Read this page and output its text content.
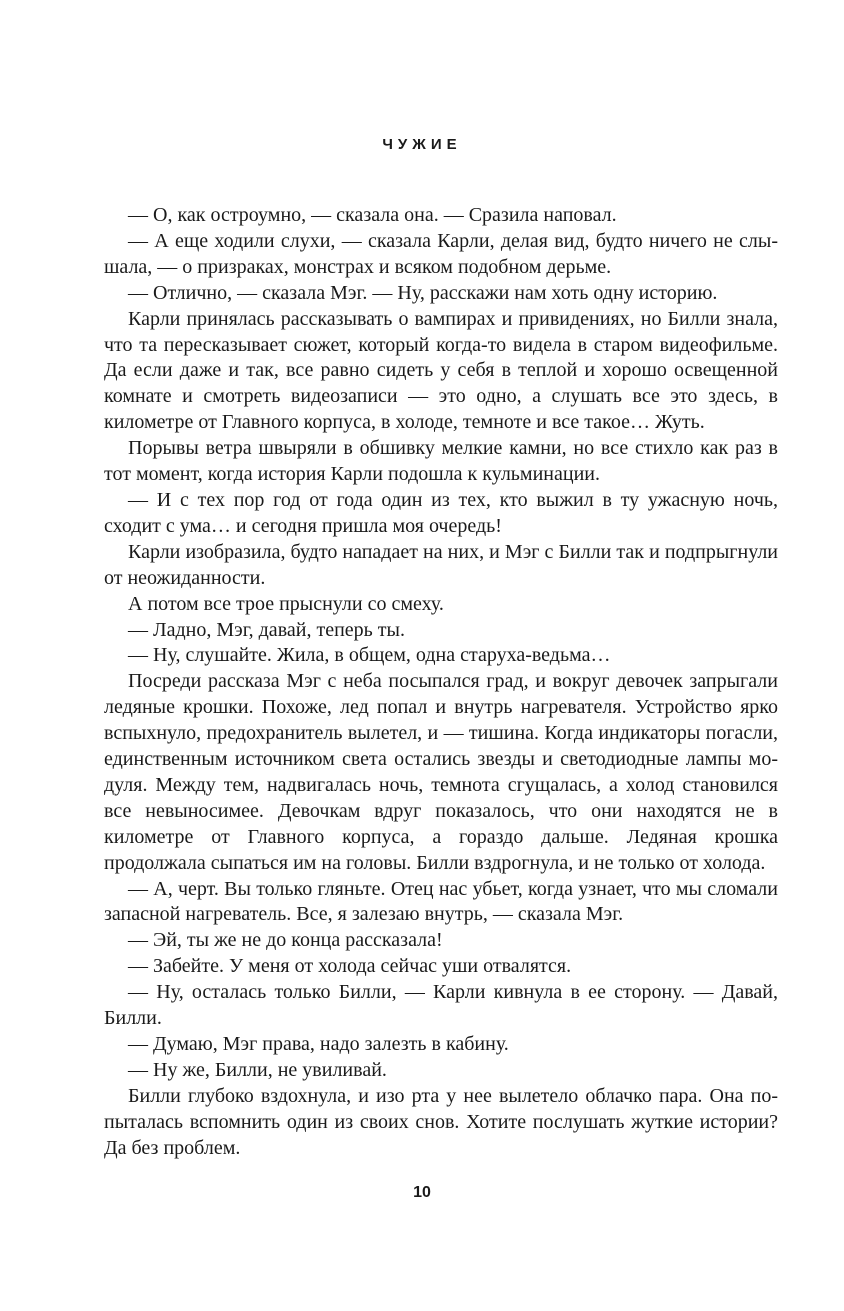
ЧУЖИЕ

— О, как остроумно, — сказала она. — Сразила наповал.

— А еще ходили слухи, — сказала Карли, делая вид, будто ничего не слышала, — о призраках, монстрах и всяком подобном дерьме.

— Отлично, — сказала Мэг. — Ну, расскажи нам хоть одну историю.

Карли принялась рассказывать о вампирах и привидениях, но Билли знала, что та пересказывает сюжет, который когда-то видела в старом видеофильме. Да если даже и так, все равно сидеть у себя в теплой и хорошо освещенной комнате и смотреть видеозаписи — это одно, а слушать все это здесь, в километре от Главного корпуса, в холоде, темноте и все такое… Жуть.

Порывы ветра швыряли в обшивку мелкие камни, но все стихло как раз в тот момент, когда история Карли подошла к кульминации.

— И с тех пор год от года один из тех, кто выжил в ту ужасную ночь, сходит с ума… и сегодня пришла моя очередь!

Карли изобразила, будто нападает на них, и Мэг с Билли так и подпрыгнули от неожиданности.

А потом все трое прыснули со смеху.

— Ладно, Мэг, давай, теперь ты.

— Ну, слушайте. Жила, в общем, одна старуха-ведьма…

Посреди рассказа Мэг с неба посыпался град, и вокруг девочек запрыгали ледяные крошки. Похоже, лед попал и внутрь нагревателя. Устройство ярко вспыхнуло, предохранитель вылетел, и — тишина. Когда индикаторы погасли, единственным источником света остались звезды и светодиодные лампы модуля. Между тем, надвигалась ночь, темнота сгущалась, а холод становился все невыносимее. Девочкам вдруг показалось, что они находятся не в километре от Главного корпуса, а гораздо дальше. Ледяная крошка продолжала сыпаться им на головы. Билли вздрогнула, и не только от холода.

— А, черт. Вы только гляньте. Отец нас убьет, когда узнает, что мы сломали запасной нагреватель. Все, я залезаю внутрь, — сказала Мэг.

— Эй, ты же не до конца рассказала!

— Забейте. У меня от холода сейчас уши отвалятся.

— Ну, осталась только Билли, — Карли кивнула в ее сторону. — Давай, Билли.

— Думаю, Мэг права, надо залезть в кабину.

— Ну же, Билли, не увиливай.

Билли глубоко вздохнула, и изо рта у нее вылетело облачко пара. Она попыталась вспомнить один из своих снов. Хотите послушать жуткие истории? Да без проблем.

10
